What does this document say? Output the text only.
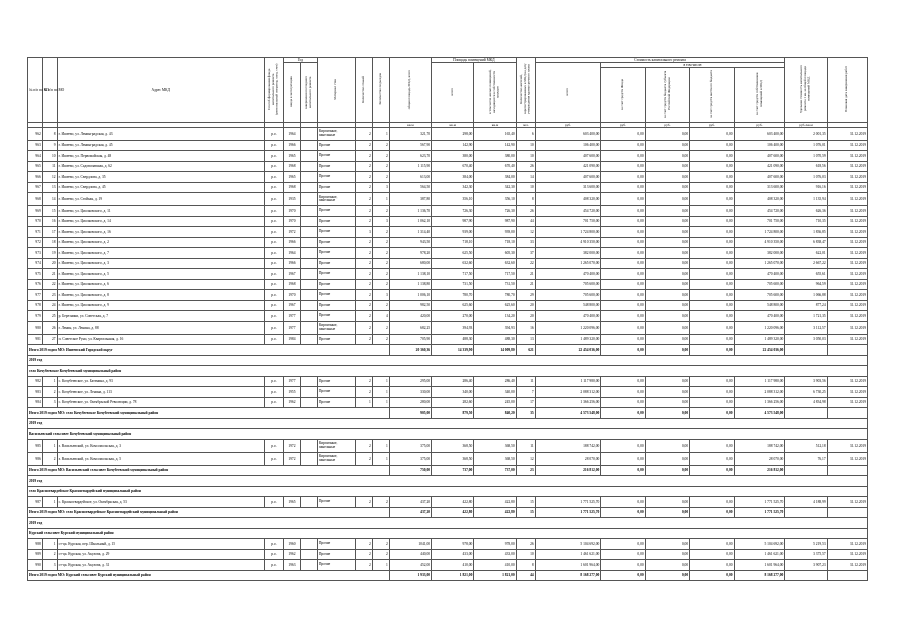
№ п/п по КП	№ п/п по МО	Адрес МКД	Способ формирования фонда капитального ремонта (региональный оператор, спец. счет)	Год		Материал стен	Количество этажей	Количество подъездов	общая площадь МКД, всего	Площадь помещений МКД		Количество жителей, зарегистрированных в МКД на дату утверждения краткосрочного плана	Стоимость капитального ремонта					Удельная стоимость капитального ремонта 1 кв. м общей площади помещений МКД	Плановая дата завершения работ
				ввода в эксплуатацию	завершения последнего капитального ремонта					всего	в том числе жилых помещений, находящихся в собственности граждан		всего	в том числе:					
														за счет средств Фонда	за счет средств бюджета субъекта Российской Федерации	за счет средств местного бюджета	за счет средств собственников помещений в МКД		
									кв.м	кв.м	кв.м	чел.	руб.	руб.	руб.	руб.	руб.	руб./кв.м	
962	8	г. Ишеево, ул. Ленинградская, д. 43	р.о.	1964		Кирпичные, панельные	2	1	321,70	298,00	165,40	6	603 400,00	0,00	0,00	0,00	603 400,00	2 001,35	31.12.2019
963	9	г. Ишеево, ул. Ленинградская, д. 45	р.о.	1966		Прочие	2	2	567,90	142,90	142,90	10	106 400,00	0,00	0,00	0,00	106 400,00	1 076,01	31.12.2019
964	10	г. Ишеево, ул. Первомайская, д. 48	р.о.	1965		Прочие	2	2	623,70	380,00	380,00	10	407 600,00	0,00	0,00	0,00	407 600,00	1 070,59	31.12.2019
965	11	г. Ишеево, ул. Садовопавшая, д. 62	р.о.	1968		Прочие	2	2	1 115,90	670,40	670,40	26	421 090,00	0,00	0,00	0,00	421 090,00	618,56	31.12.2019
966	12	г. Ишеево, ул. Свердлова, д. 35	р.о.	1965		Прочие	2	2	613,00	384,00	384,00	14	407 600,00	0,00	0,00	0,00	407 600,00	1 076,03	31.12.2019
967	13	г. Ишеево, ул. Свердлова, д. 45	р.о.	1968		Прочие	2	3	564,50	342,30	342,30	10	313 600,00	0,00	0,00	0,00	313 600,00	916,16	31.12.2019
968	14	г. Ишеево, ул. Стойкая, д. 19	р.о.	1935		Кирпичные, панельные	2	1	387,80	356,10	356,10	8	408 320,00	0,00	0,00	0,00	408 320,00	1 135,94	31.12.2019
969	15	г. Ишеево, ул. Циолковского, д. 11	р.о.	1970		Прочие	2	2	1 136,70	726,30	726,30	26	454 720,00	0,00	0,00	0,00	454 720,00	626,36	31.12.2019
970	16	г. Ишеево, ул. Циолковского, д. 14	р.о.	1970		Прочие	2	3	1 062,10	987,90	987,90	44	701 750,00	0,00	0,00	0,00	701 750,00	710,35	31.12.2019
971	17	г. Ишеево, ул. Циолковского, д. 16	р.о.	1972		Прочие	3	2	1 314,40	939,00	939,00	12	1 724 800,00	0,00	0,00	0,00	1 724 800,00	1 836,85	31.12.2019
972	18	г. Ишеево, ул. Циолковского, д. 2	р.о.	1966		Прочие	2	2	943,50	718,10	718,10	33	4 910 350,00	0,00	0,00	0,00	4 910 350,00	6 838,47	31.12.2019
973	19	г. Ишеево, ул. Циолковского, д. 7	р.о.	1964		Прочие	2	2	978,20	625,50	605,30	37	382 000,00	0,00	0,00	0,00	382 000,00	622,01	31.12.2019
974	20	г. Ишеево, ул. Циолковского, д. 3	р.о.	1966		Прочие	2	2	680,00	632,60	632,60	22	1 265 070,00	0,00	0,00	0,00	1 265 070,00	2 667,22	31.12.2019
975	21	г. Ишеево, ул. Циолковского, д. 5	р.о.	1967		Прочие	2	2	1 138,10	717,50	717,50	21	470 400,00	0,00	0,00	0,00	470 400,00	655,61	31.12.2019
976	22	г. Ишеево, ул. Циолковского, д. 6	р.о.	1968		Прочие	2	2	1 138,80	731,50	731,50	21	705 600,00	0,00	0,00	0,00	705 600,00	964,59	31.12.2019
977	23	г. Ишеево, ул. Циолковского, д. 8	р.о.	1970		Прочие	2	3	1 006,10	780,70	780,70	29	705 600,00	0,00	0,00	0,00	705 600,00	1 066,88	31.12.2019
978	24	г. Ишеево, ул. Циолковского, д. 9	р.о.	1967		Прочие	2	2	982,50	625,60	625,60	20	548 800,00	0,00	0,00	0,00	548 800,00	877,24	31.12.2019
979	25	р. Березники, ул. Советская, д. 7	р.о.	1977		Прочие	2	4	420,00	270,00	134,20	20	470 400,00	0,00	0,00	0,00	470 400,00	1 721,35	31.12.2019
980	26	г. Ленин, ул. Ленина, д. 88	р.о.	1977		Кирпичные, панельные	2	2	682,25	394,93	394,93	16	1 220 096,00	0,00	0,00	0,00	1 220 096,00	3 112,57	31.12.2019
981	27	п. Советское Руно, ул. Кварталььная, д. 16	р.о.	1984		Прочие	2	2	705,90	488,30	488,30	13	1 489 320,00	0,00	0,00	0,00	1 489 320,00	3 050,03	31.12.2019
Итого 2019 годом МО: Ишеевский Городской округ									20 360,36	14 339,90	14 009,80	621	22 454 036,00	0,00	0,00	0,00	22 454 036,00		
2019 год																			
село Кочубеевское Кочубеевский муниципальный район																			
982	1	с. Кочубеевское, ул. Батенина, д. 93	р.о.	1977		Прочие	2	1	295,00	286,40	286,40	11	1 117 980,00	0,00	0,00	0,00	1 117 980,00	3 903,56	31.12.2019
983	2	с. Кочубеевское, ул. Ленина, д. 113	р.о.	1955		Прочие	2	1	330,00	340,00	340,00	7	2 088 312,00	0,00	0,00	0,00	2 088 312,00	6 730,25	31.12.2019
984	3	с. Кочубеевское, ул. Октябрьской Революции, д. 78	р.о.	1962		Прочие	1	1	280,00	282,60	245,00	17	1 366 256,00	0,00	0,00	0,00	1 366 256,00	4 834,98	31.12.2019
Итого 2019 годом МО: село Кочубеевское Кочубеевский муниципальный район									905,00	879,50	840,20	35	4 573 548,00	0,00	0,00	0,00	4 573 548,00		
2019 год																			
Васильевский сельсовет Кочубеевский муниципальный район																			
985	1	з. Васильевский, ул. Комсомольская, д. 3	р.о.	1972		Кирпичные, панельные	2	1	375,00	368,50	368,50	11	188 742,00	0,00	0,00	0,00	188 742,00	512,18	31.12.2019
986	2	з. Васильевский, ул. Комсомольская, д. 5	р.о.	1972		Кирпичные, панельные	2	1	375,00	368,50	368,50	12	28 070,00	0,00	0,00	0,00	28 070,00	76,17	31.12.2019
Итого 2019 годом МО: Васильевский сельсовет Кочубеевский муниципальный район									750,00	737,00	737,00	23	216 812,00	0,00	0,00	0,00	216 812,00		
2019 год																			
село Красногвардейское Красногвардейский муниципальный район																			
987	1	с. Красногвардейское, ул. Октябрьская, д. 53	р.о.	1965		Прочие	2	2	437,20	422,80	422,80	15	1 771 525,70	0,00	0,00	0,00	1 771 525,70	4 188,99	31.12.2019
Итого 2019 годом МО: село Красногвардейское Красногвардейский муниципальный район									437,20	422,80	422,80	15	1 771 525,70	0,00	0,00	0,00	1 771 525,70		
2019 год																			
Курский сельсовет Курский муниципальный район																			
988	1	ст-ца. Курская, пер. Школьный, д. 15	р.о.	1960		Прочие	2	2	1041,00	978,00	978,00	26	5 104 692,00	0,00	0,00	0,00	5 104 692,00	5 219,53	31.12.2019
989	2	ст-ца. Курская, ул. Акулова, д. 29	р.о.	1962		Прочие	2	2	440,00	433,00	433,00	10	1 461 621,00	0,00	0,00	0,00	1 461 621,00	3 375,57	31.12.2019
990	3	ст-ца. Курская, ул. Акулова, д. 31	р.о.	1963		Прочие	2	1	452,00	410,00	410,00	8	1 601 964,00	0,00	0,00	0,00	1 601 964,00	3 907,23	31.12.2019
Итого 2019 годом МО: Курский сельсовет Курский муниципальный район									1 933,00	1 821,00	1 821,00	44	8 168 277,00	0,00	0,00	0,00	8 168 277,00		
